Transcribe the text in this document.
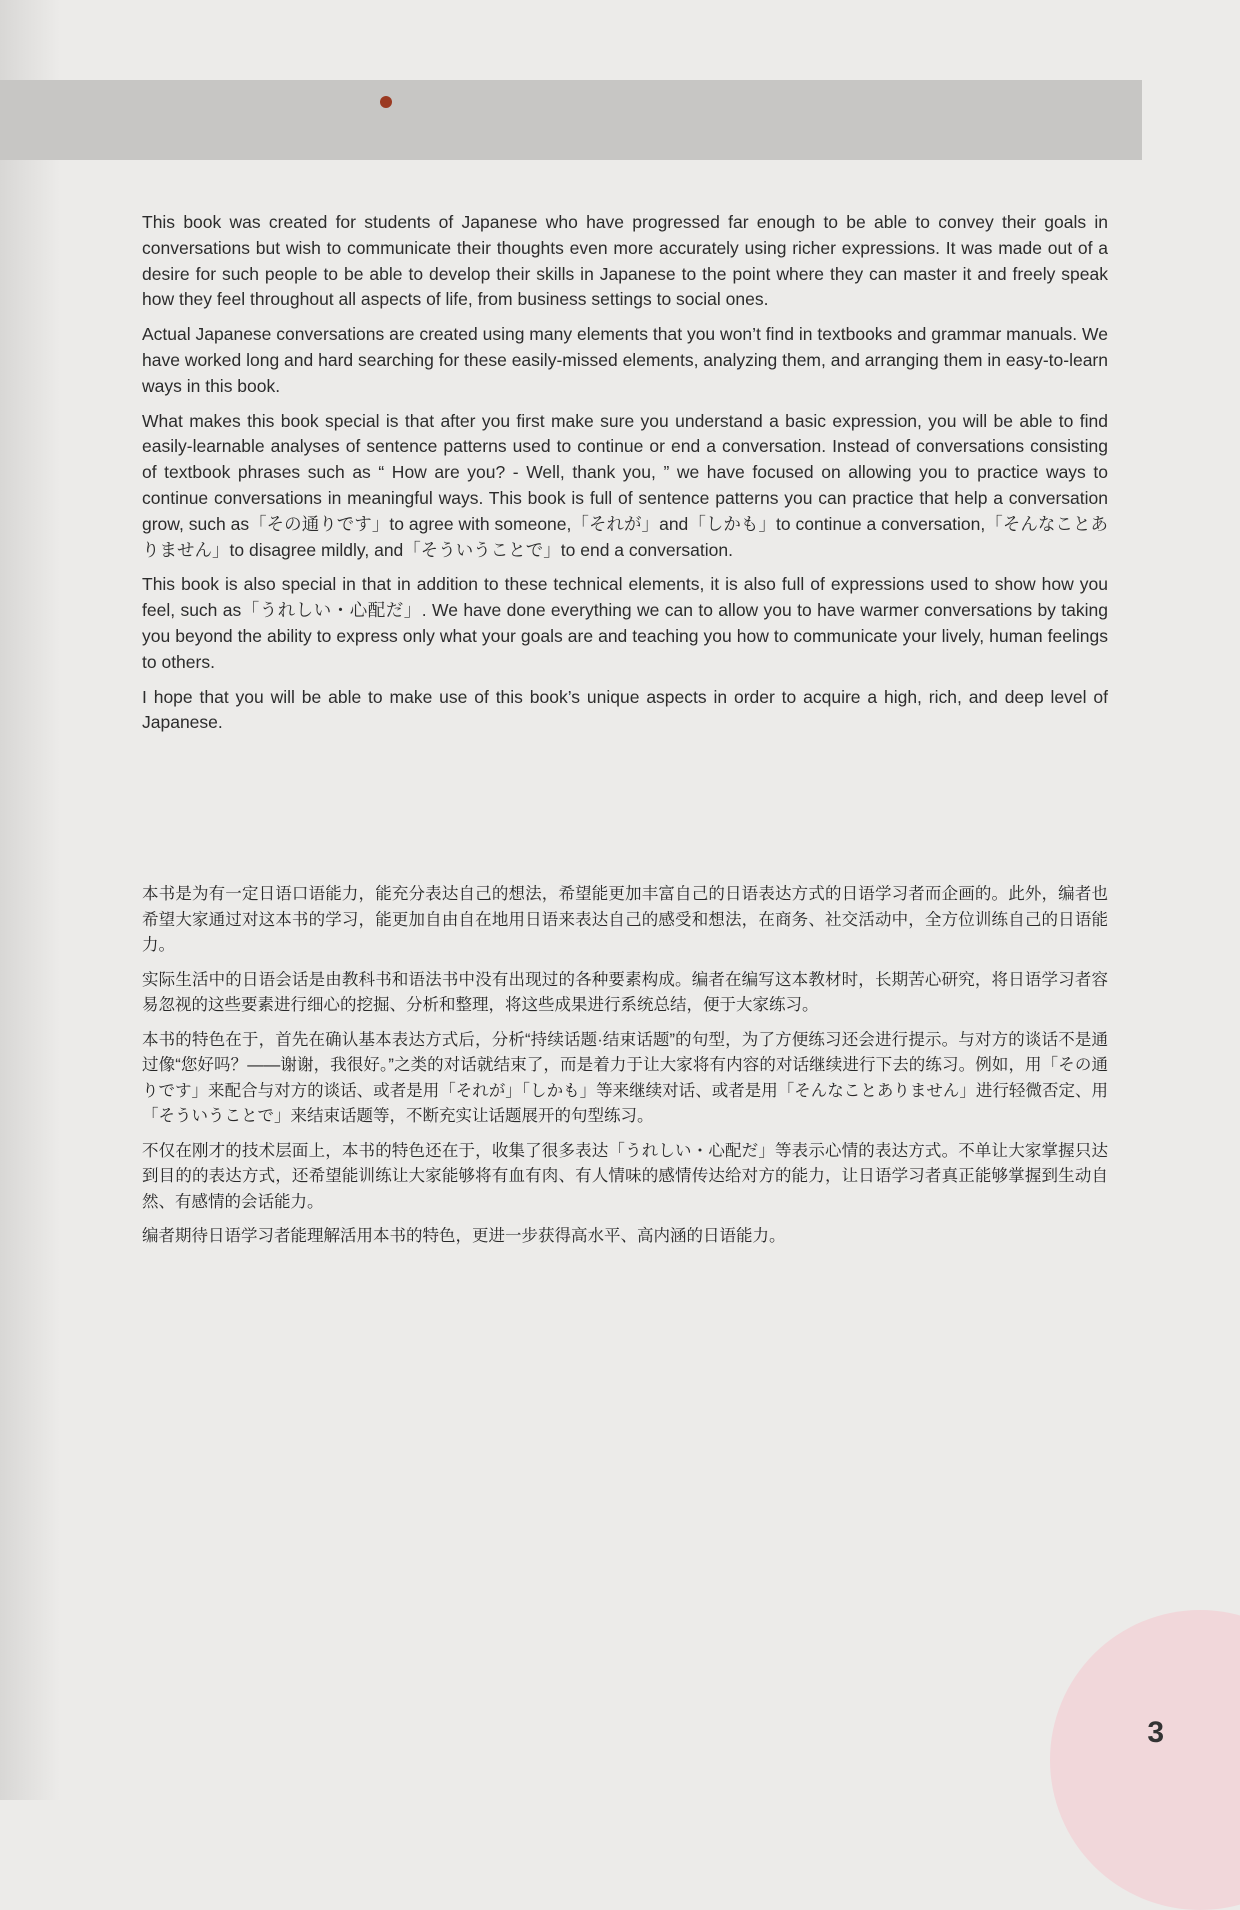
This book was created for students of Japanese who have progressed far enough to be able to convey their goals in conversations but wish to communicate their thoughts even more accurately using richer expressions. It was made out of a desire for such people to be able to develop their skills in Japanese to the point where they can master it and freely speak how they feel throughout all aspects of life, from business settings to social ones.

Actual Japanese conversations are created using many elements that you won’t find in textbooks and grammar manuals. We have worked long and hard searching for these easily-missed elements, analyzing them, and arranging them in easy-to-learn ways in this book.

What makes this book special is that after you first make sure you understand a basic expression, you will be able to find easily-learnable analyses of sentence patterns used to continue or end a conversation. Instead of conversations consisting of textbook phrases such as “ How are you? - Well, thank you, ” we have focused on allowing you to practice ways to continue conversations in meaningful ways. This book is full of sentence patterns you can practice that help a conversation grow, such as「その通りです」to agree with someone,「それが」and「しかも」to continue a conversation,「そんなことありません」to disagree mildly, and「そういうことで」to end a conversation.

This book is also special in that in addition to these technical elements, it is also full of expressions used to show how you feel, such as「うれしい・心配だ」. We have done everything we can to allow you to have warmer conversations by taking you beyond the ability to express only what your goals are and teaching you how to communicate your lively, human feelings to others.

I hope that you will be able to make use of this book’s unique aspects in order to acquire a high, rich, and deep level of Japanese.

本书是为有一定日语口语能力，能充分表达自己的想法，希望能更加丰富自己的日语表达方式的日语学习者而企画的。此外，编者也希望大家通过对这本书的学习，能更加自由自在地用日语来表达自己的感受和想法，在商务、社交活动中，全方位训练自己的日语能力。

实际生活中的日语会话是由教科书和语法书中没有出现过的各种要素构成。编者在编写这本教材时，长期苦心研究，将日语学习者容易忽视的这些要素进行细心的挖掘、分析和整理，将这些成果进行系统总结，便于大家练习。

本书的特色在于，首先在确认基本表达方式后，分析“持续话题·结束话题”的句型，为了方便练习还会进行提示。与对方的谈话不是通过像“您好吗？——谢谢，我很好。”之类的对话就结束了，而是着力于让大家将有内容的对话继续进行下去的练习。例如，用「その通りです」来配合与对方的谈话、或者是用「それが」「しかも」等来继续对话、或者是用「そんなことありません」进行轻微否定、用「そういうことで」来结束话题等，不断充实让话题展开的句型练习。

不仅在刚才的技术层面上，本书的特色还在于，收集了很多表达「うれしい・心配だ」等表示心情的表达方式。不单让大家掌握只达到目的的表达方式，还希望能训练让大家能够将有血有肉、有人情味的感情传达给对方的能力，让日语学习者真正能够掌握到生动自然、有感情的会话能力。

编者期待日语学习者能理解活用本书的特色，更进一步获得高水平、高内涵的日语能力。

3
